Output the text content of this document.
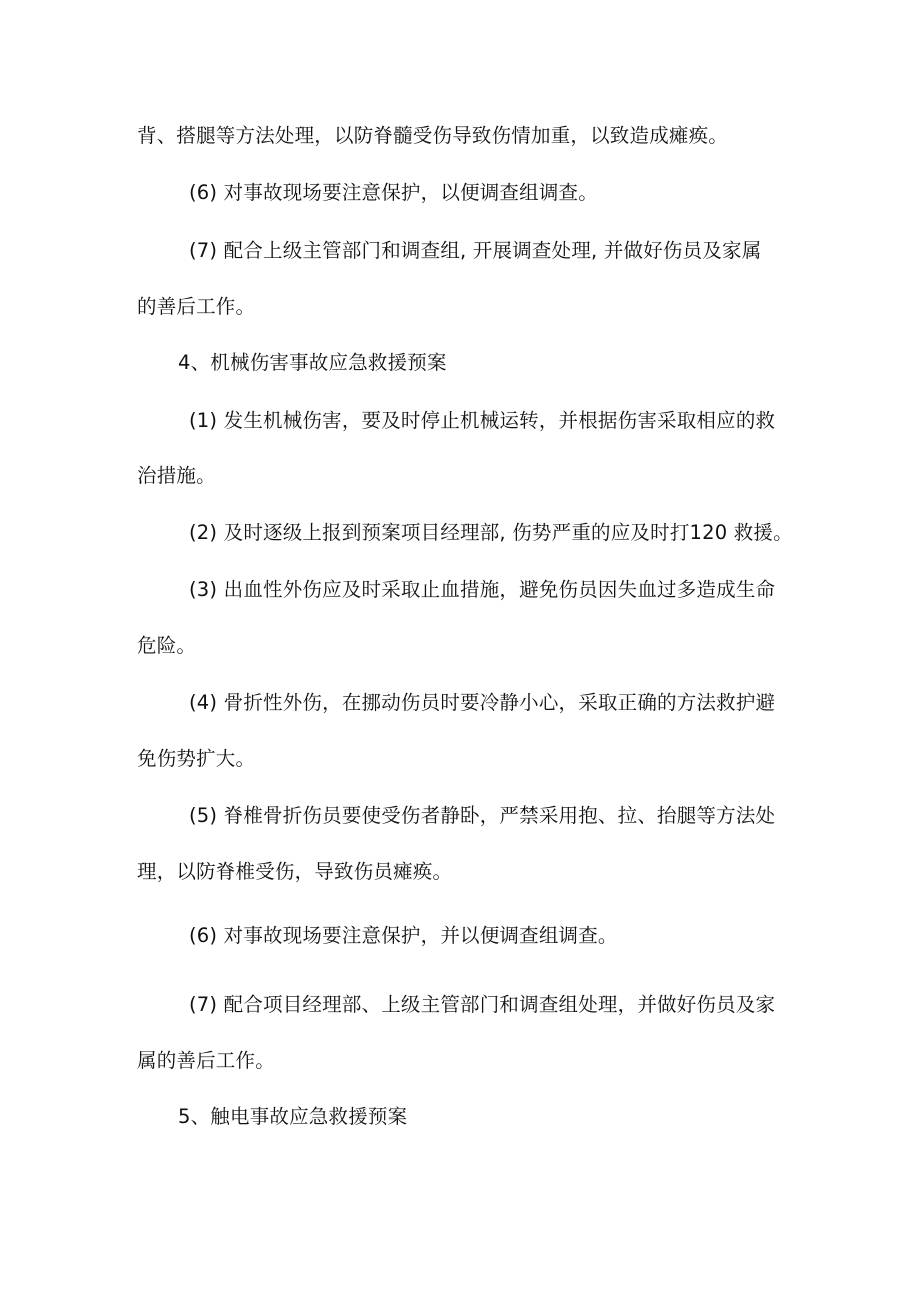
背、搭腿等方法处理，以防脊髓受伤导致伤情加重，以致造成瘫痪。
(6) 对事故现场要注意保护，以便调查组调查。
(7) 配合上级主管部门和调查组, 开展调查处理, 并做好伤员及家属
的善后工作。
4、机械伤害事故应急救援预案
(1) 发生机械伤害，要及时停止机械运转，并根据伤害采取相应的救
治措施。
(2) 及时逐级上报到预案项目经理部, 伤势严重的应及时打120 救援。
(3) 出血性外伤应及时采取止血措施，避免伤员因失血过多造成生命
危险。
(4) 骨折性外伤，在挪动伤员时要冷静小心，采取正确的方法救护避
免伤势扩大。
(5) 脊椎骨折伤员要使受伤者静卧，严禁采用抱、拉、抬腿等方法处
理，以防脊椎受伤，导致伤员瘫痪。
(6) 对事故现场要注意保护，并以便调查组调查。
(7) 配合项目经理部、上级主管部门和调查组处理，并做好伤员及家
属的善后工作。
5、触电事故应急救援预案
